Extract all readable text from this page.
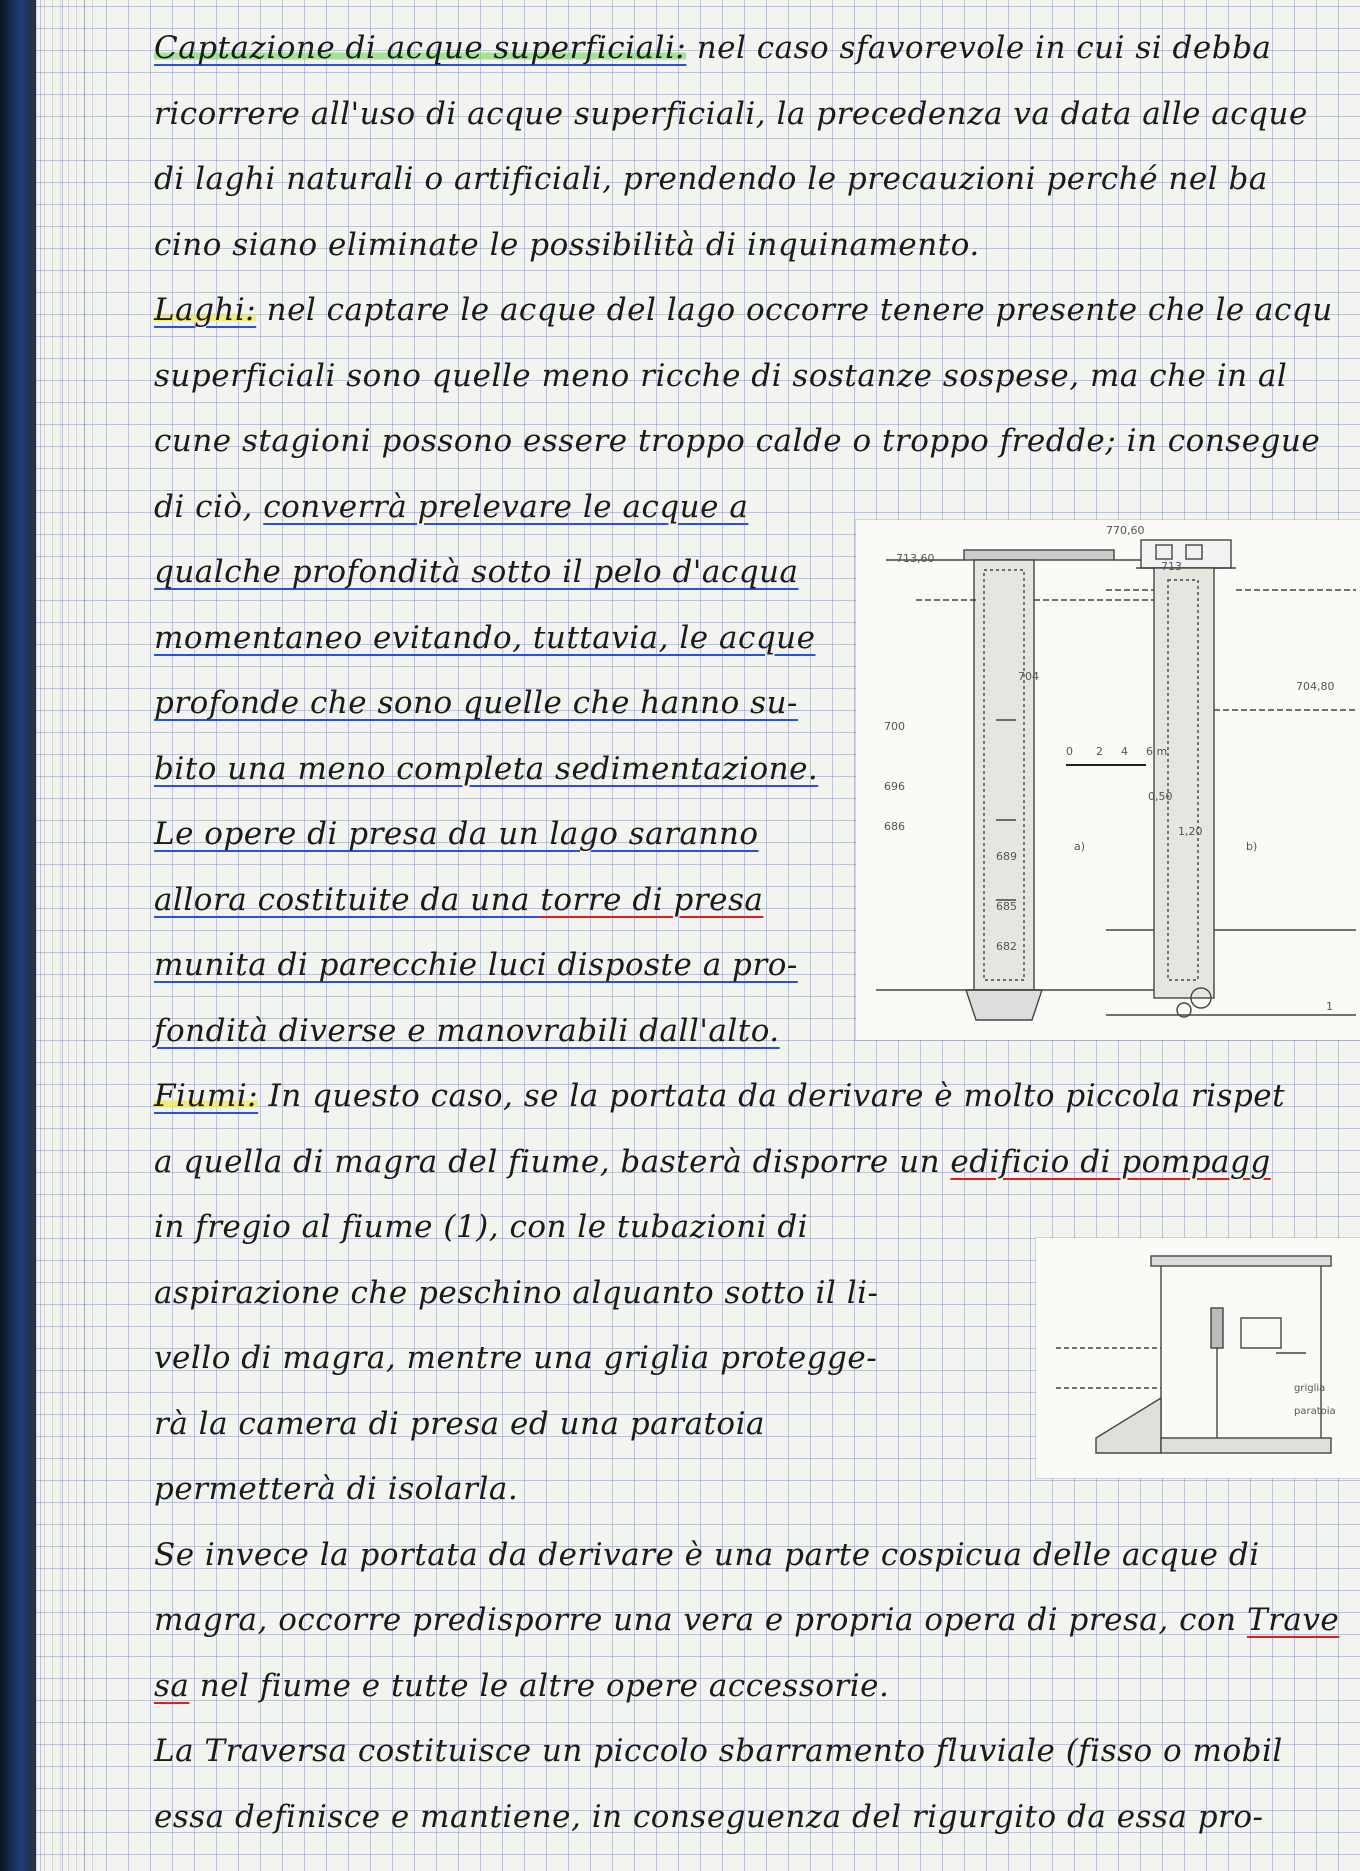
Captazione di acque superficiali: nel caso sfavorevole in cui si debba
ricorrere all'uso di acque superficiali, la precedenza va data alle acque
di laghi naturali o artificiali, prendendo le precauzioni perché nel ba
cino siano eliminate le possibilità di inquinamento.
Laghi: nel captare le acque del lago occorre tenere presente che le acqu
superficiali sono quelle meno ricche di sostanze sospese, ma che in al
cune stagioni possono essere troppo calde o troppo fredde; in consegue
di ciò, converrà prelevare le acque a
qualche profondità sotto il pelo d'acqua
momentaneo evitando, tuttavia, le acque
profonde che sono quelle che hanno su-
bito una meno completa sedimentazione.
Le opere di presa da un lago saranno
allora costituite da una torre di presa
munita di parecchie luci disposte a pro-
fondità diverse e manovrabili dall'alto.
Fiumi: In questo caso, se la portata da derivare è molto piccola rispet
a quella di magra del fiume, basterà disporre un edificio di pompagg
in fregio al fiume (1), con le tubazioni di
aspirazione che peschino alquanto sotto il li-
vello di magra, mentre una griglia protegge-
rà la camera di presa ed una paratoia
permetterà di isolarla.
Se invece la portata da derivare è una parte cospicua delle acque di
magra, occorre predisporre una vera e propria opera di presa, con Trave
sa nel fiume e tutte le altre opere accessorie.
La Traversa costituisce un piccolo sbarramento fluviale (fisso o mobil
essa definisce e mantiene, in conseguenza del rigurgito da essa pro-
770,60
713,60
704
700
696
686
689
685
682
713
704,80
0,50
1,20
a)	b)
0 2 4 6 m
1
griglia
paratoia
